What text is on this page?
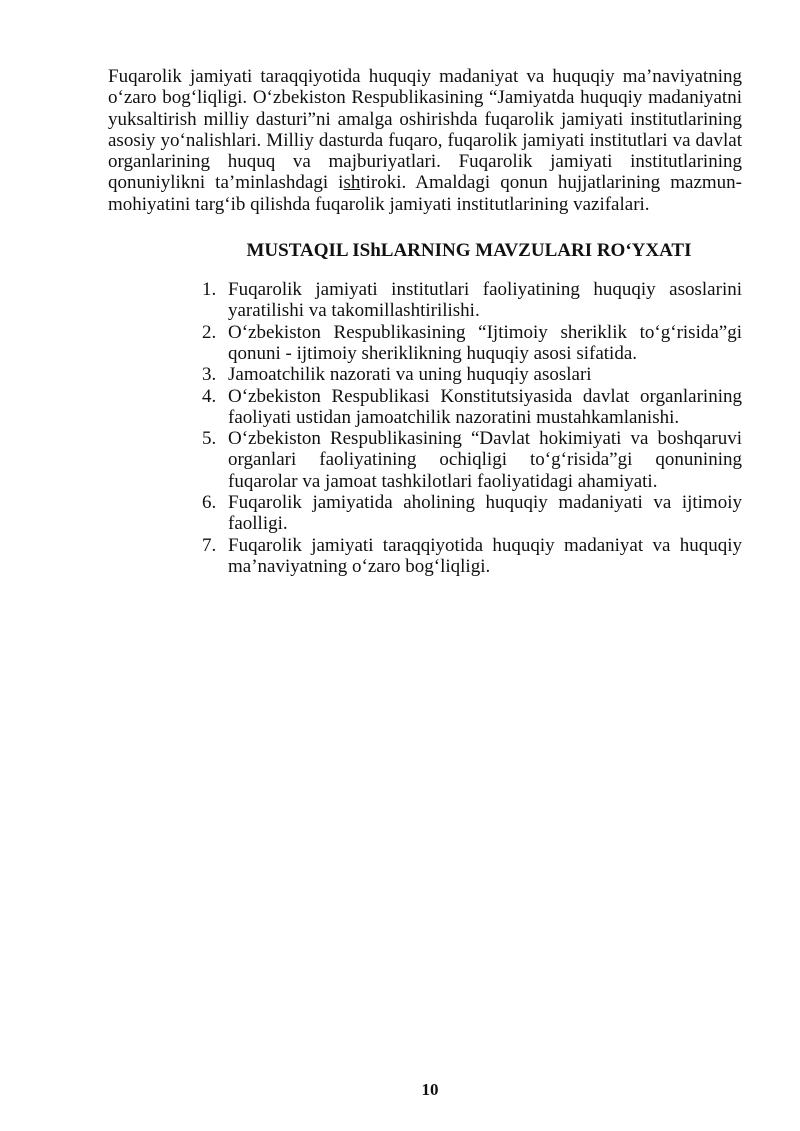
Fuqarolik jamiyati taraqqiyotida huquqiy madaniyat va huquqiy ma’naviyatning o‘zaro bog‘liqligi. O‘zbekiston Respublikasining “Jamiyatda huquqiy madaniyatni yuksaltirish milliy dasturi”ni amalga oshirishda fuqarolik jamiyati institutlarining asosiy yo‘nalishlari. Milliy dasturda fuqaro, fuqarolik jamiyati institutlari va davlat organlarining huquq va majburiyatlari. Fuqarolik jamiyati institutlarining qonuniylikni ta’minlashdagi ishtiroki. Amaldagi qonun hujjatlarining mazmun-mohiyatini targ‘ib qilishda fuqarolik jamiyati institutlarining vazifalari.

MUSTAQIL IShLARNING MAVZULARI RO‘YXATI
1. Fuqarolik jamiyati institutlari faoliyatining huquqiy asoslarini yaratilishi va takomillashtirilishi.
2. O‘zbekiston Respublikasining “Ijtimoiy sheriklik to‘g‘risida”gi qonuni - ijtimoiy sheriklikning huquqiy asosi sifatida.
3. Jamoatchilik nazorati va uning huquqiy asoslari
4. O‘zbekiston Respublikasi Konstitutsiyasida davlat organlarining faoliyati ustidan jamoatchilik nazoratini mustahkamlanishi.
5. O‘zbekiston Respublikasining “Davlat hokimiyati va boshqaruvi organlari faoliyatining ochiqligi to‘g‘risida”gi qonunining fuqarolar va jamoat tashkilotlari faoliyatidagi ahamiyati.
6. Fuqarolik jamiyatida aholining huquqiy madaniyati va ijtimoiy faolligi.
7. Fuqarolik jamiyati taraqqiyotida huquqiy madaniyat va huquqiy ma’naviyatning o‘zaro bog‘liqligi.
10
